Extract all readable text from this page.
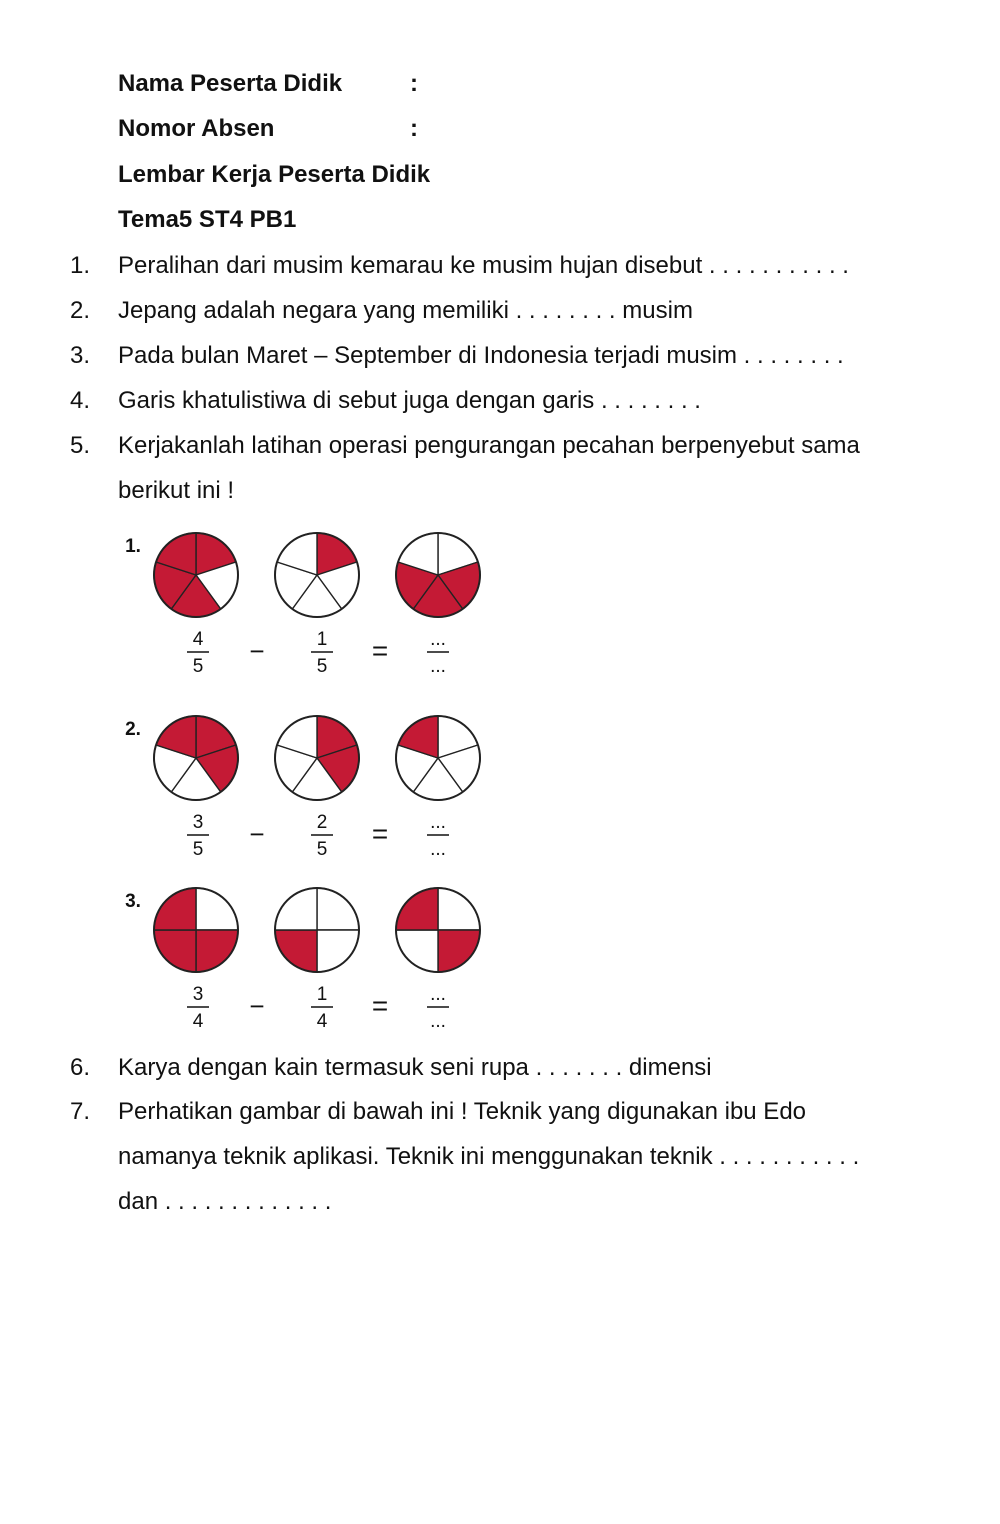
Nama Peserta Didik	:
Nomor Absen	:
Lembar Kerja Peserta Didik
Tema5 ST4 PB1
1. Peralihan dari musim kemarau ke musim hujan disebut . . . . . . . . . . .
2. Jepang adalah negara yang memiliki . . . . . . . . musim
3. Pada bulan Maret – September di Indonesia terjadi musim . . . . . . . .
4. Garis khatulistiwa di sebut juga dengan garis . . . . . . . .
5. Kerjakanlah latihan operasi pengurangan pecahan berpenyebut sama
berikut ini !
1.
4
5
−	1
5
= ...
...
2.
3
5
−	2
5
= ...
...
3.
3
4
−	1
4
= ...
...
6. Karya dengan kain termasuk seni rupa . . . . . . . dimensi
7. Perhatikan gambar di bawah ini ! Teknik yang digunakan ibu Edo
namanya teknik aplikasi. Teknik ini menggunakan teknik . . . . . . . . . . .
dan . . . . . . . . . . . . .
